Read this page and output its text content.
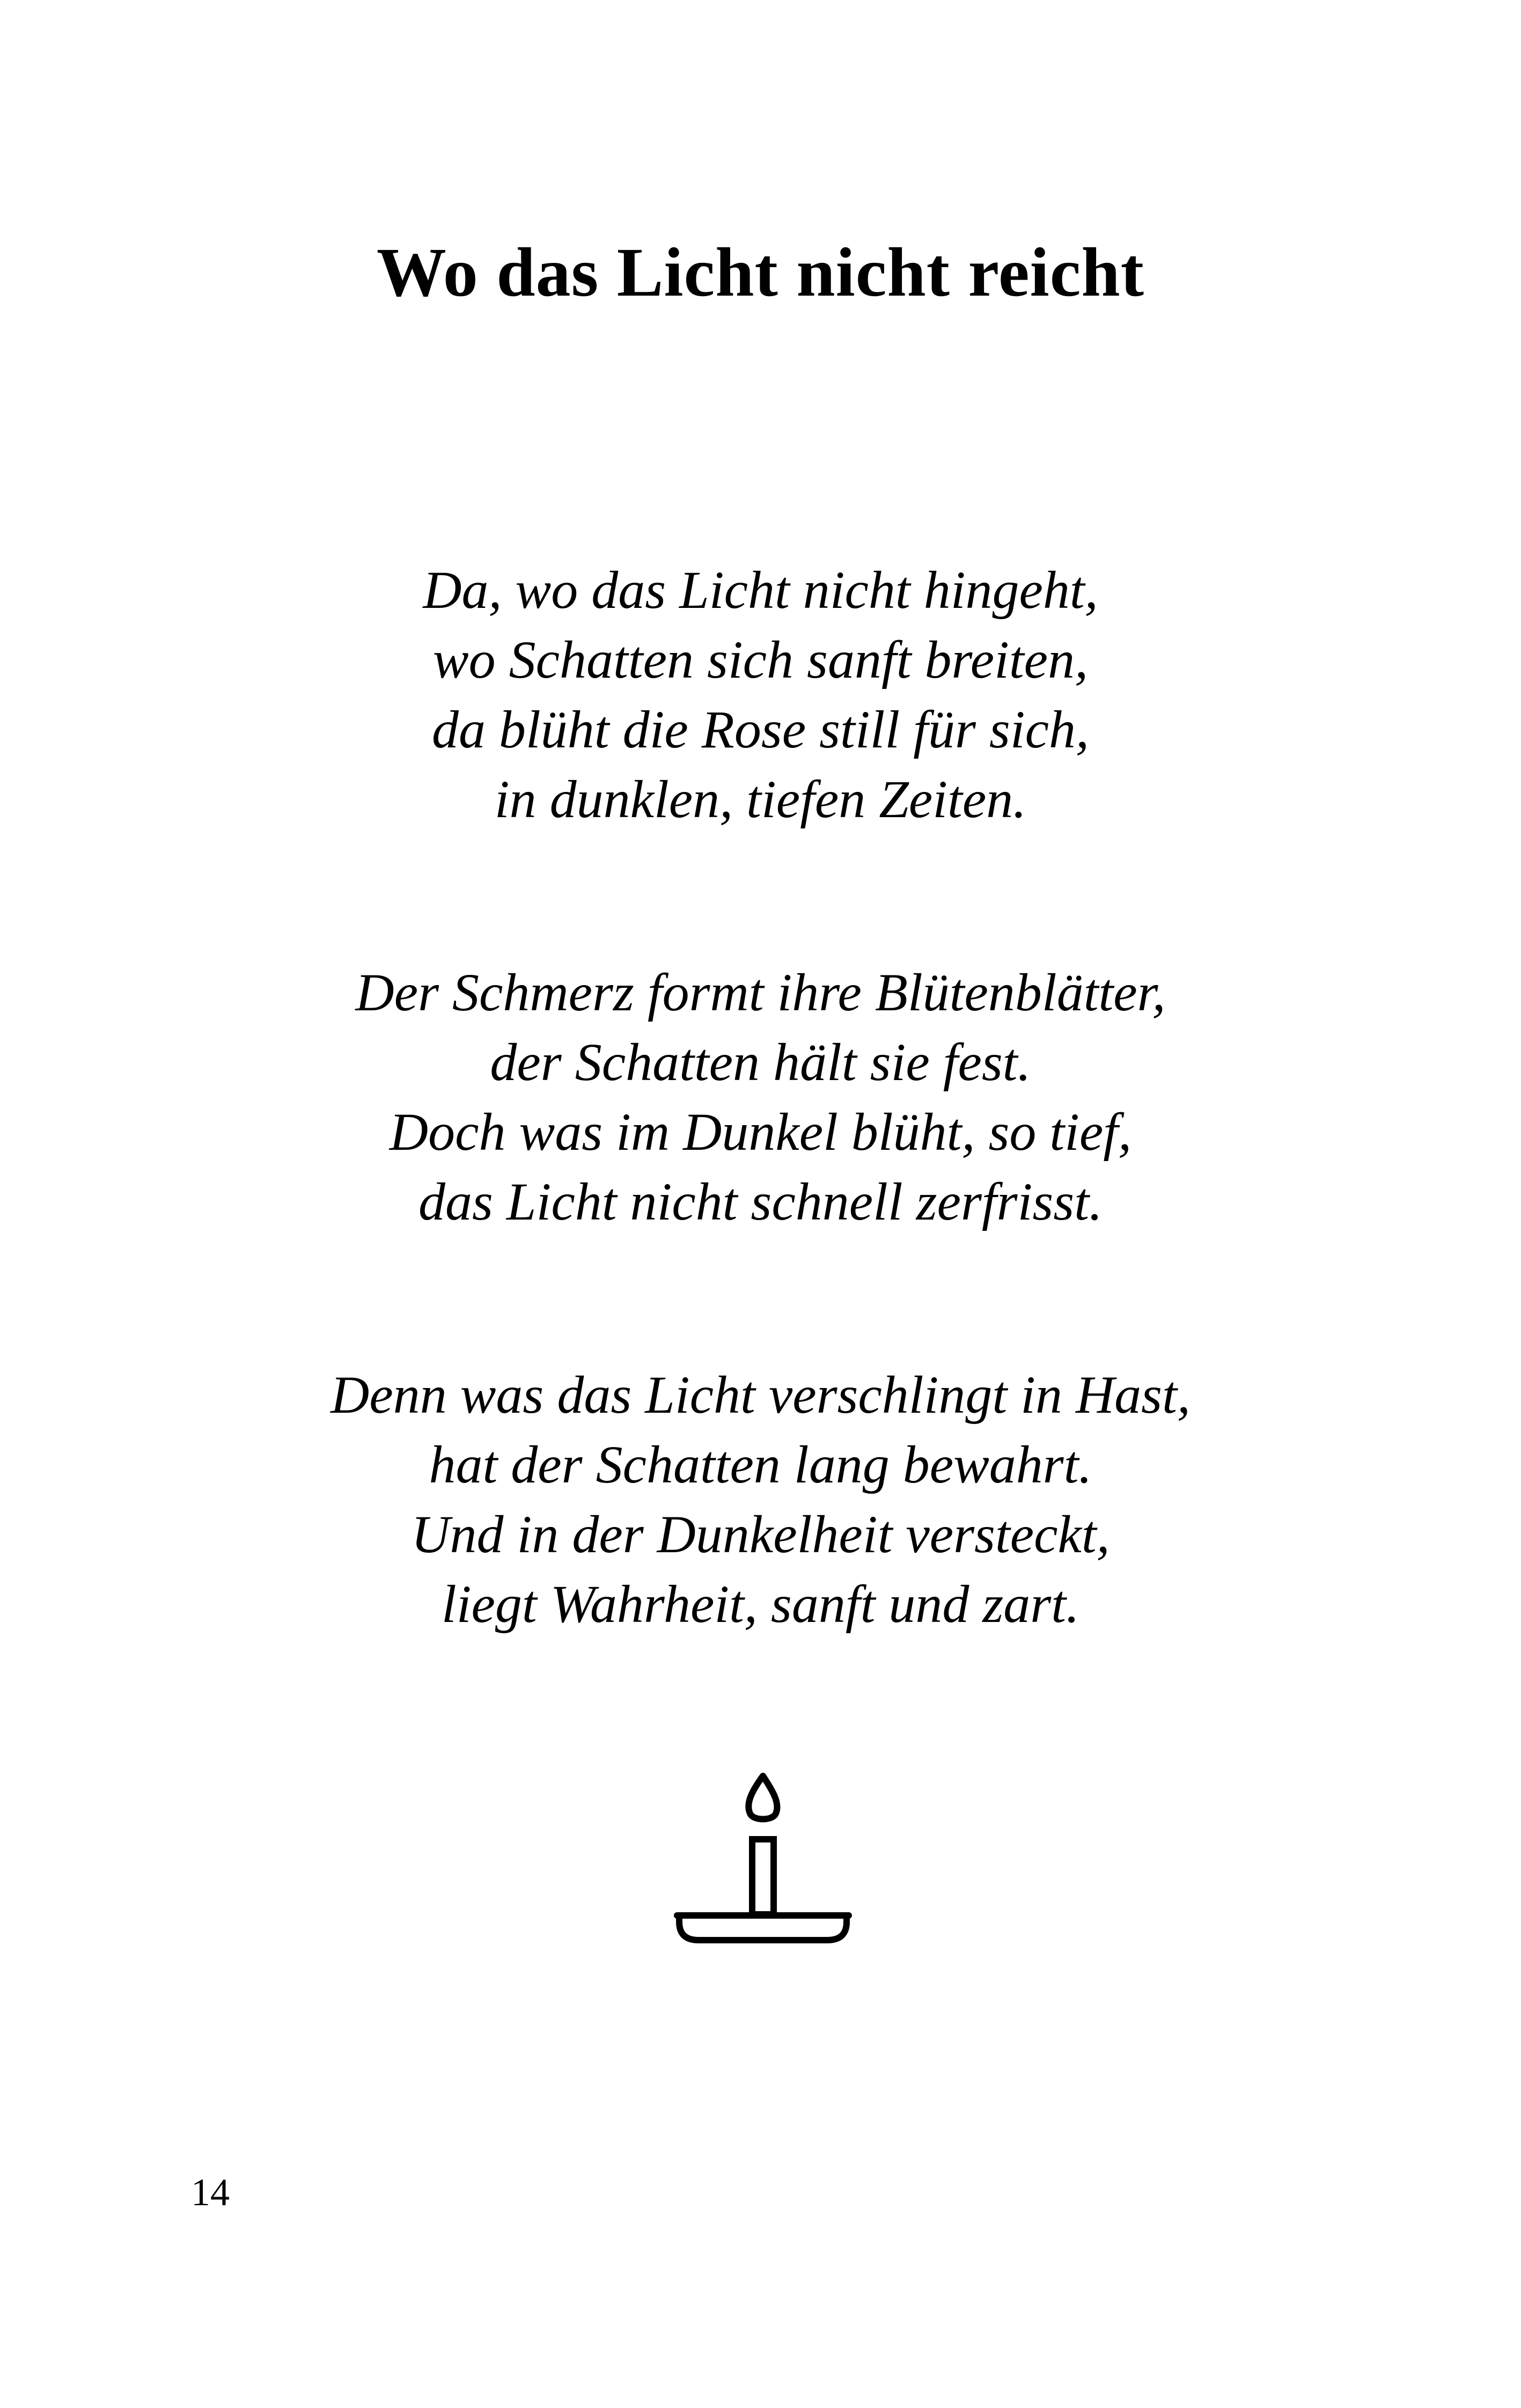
Wo das Licht nicht reicht
Da, wo das Licht nicht hingeht,
wo Schatten sich sanft breiten,
da blüht die Rose still für sich,
in dunklen, tiefen Zeiten.
Der Schmerz formt ihre Blütenblätter,
der Schatten hält sie fest.
Doch was im Dunkel blüht, so tief,
das Licht nicht schnell zerfrisst.
Denn was das Licht verschlingt in Hast,
hat der Schatten lang bewahrt.
Und in der Dunkelheit versteckt,
liegt Wahrheit, sanft und zart.
14
